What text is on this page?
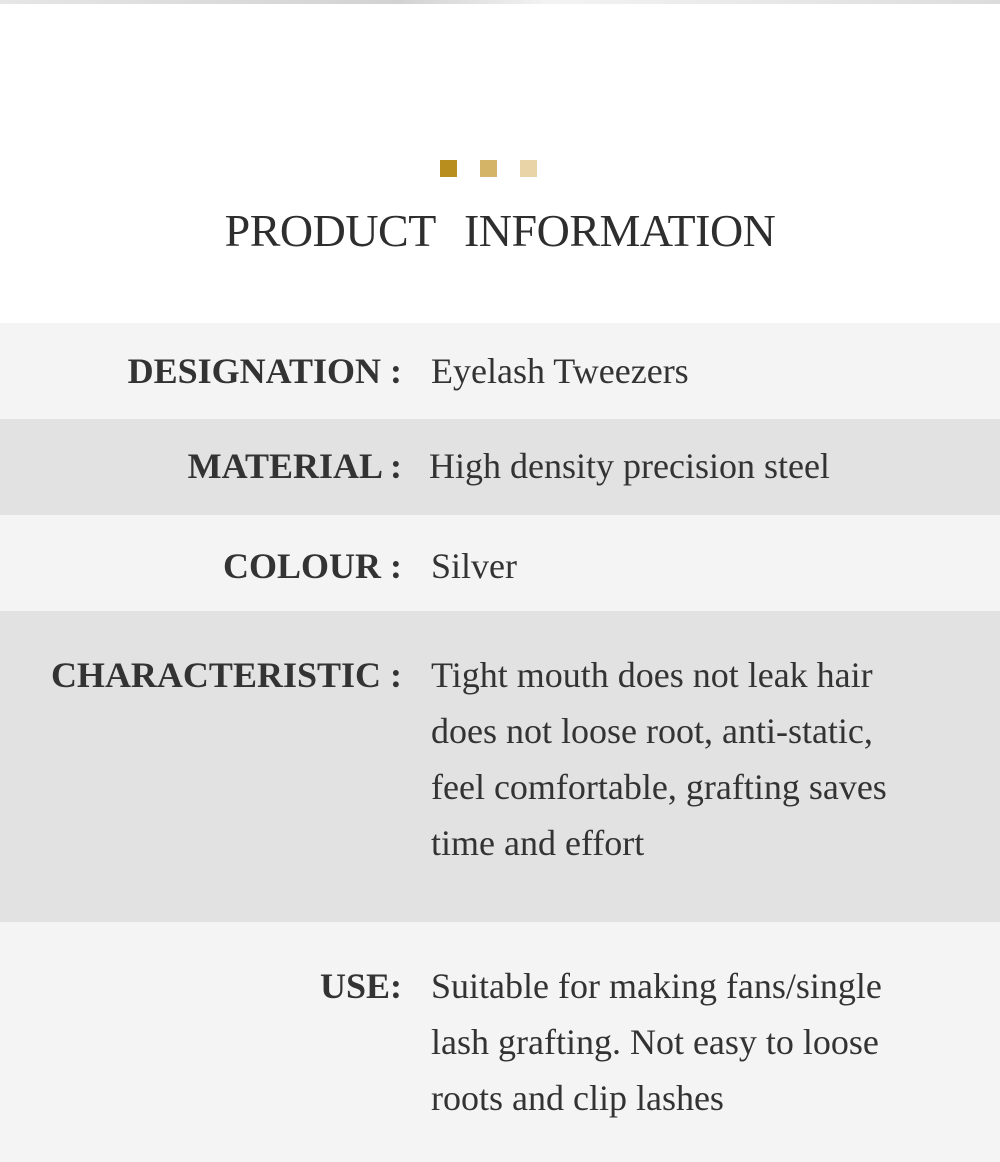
PRODUCT INFORMATION
DESIGNATION : Eyelash Tweezers
MATERIAL : High density precision steel
COLOUR : Silver
CHARACTERISTIC : Tight mouth does not leak hair does not loose root, anti-static, feel comfortable, grafting saves time and effort
USE: Suitable for making fans/single lash grafting. Not easy to loose roots and clip lashes
